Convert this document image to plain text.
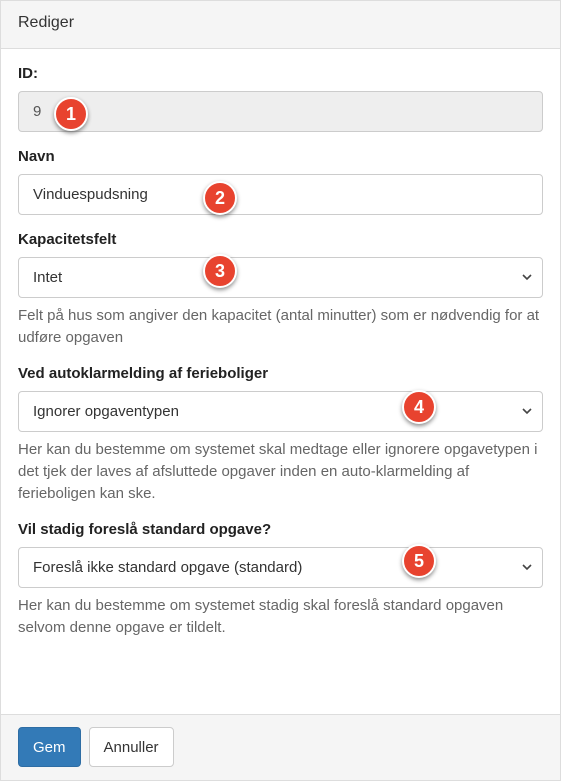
Rediger
ID:
9	1
Navn
Vinduespudsning	2
Kapacitetsfelt
Intet	3
Felt på hus som angiver den kapacitet (antal minutter) som er nødvendig for at udføre opgaven
Ved autoklarmelding af ferieboliger
Ignorer opgaventypen	4
Her kan du bestemme om systemet skal medtage eller ignorere opgavetypen i det tjek der laves af afsluttede opgaver inden en auto-klarmelding af ferieboligen kan ske.
Vil stadig foreslå standard opgave?
Foreslå ikke standard opgave (standard)	5
Her kan du bestemme om systemet stadig skal foreslå standard opgaven selvom denne opgave er tildelt.
Gem	Annuller
